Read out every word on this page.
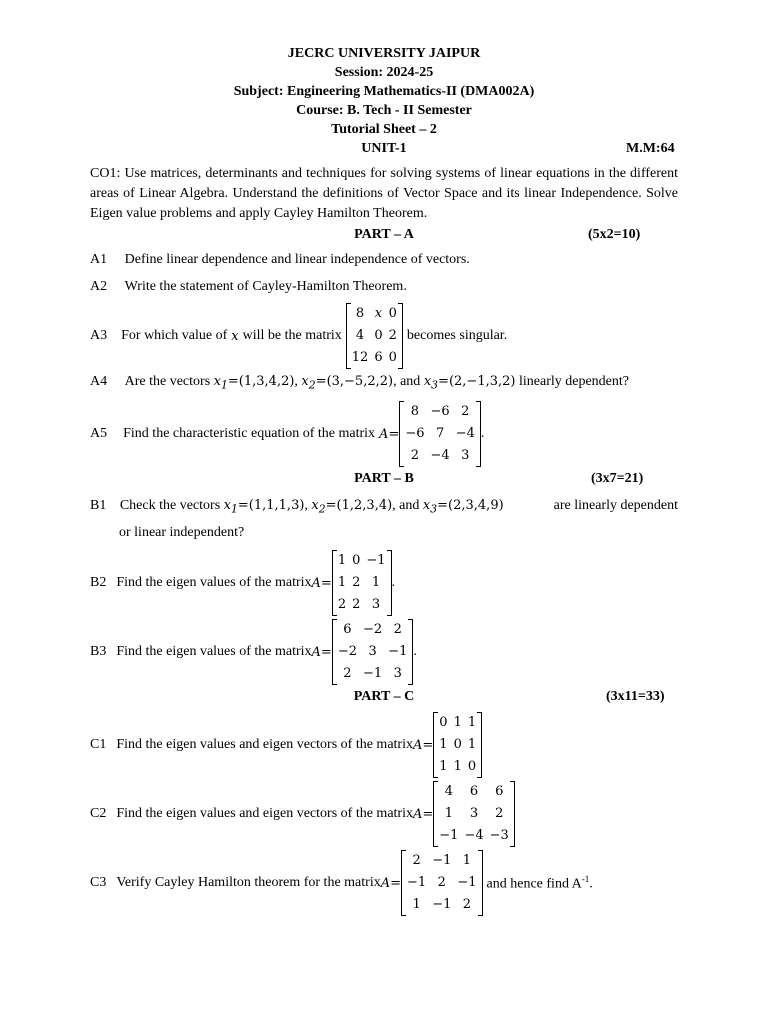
JECRC UNIVERSITY JAIPUR
Session: 2024-25
Subject: Engineering Mathematics-II (DMA002A)
Course: B. Tech - II Semester
Tutorial Sheet – 2
UNIT-1	M.M:64
CO1: Use matrices, determinants and techniques for solving systems of linear equations in the different areas of Linear Algebra. Understand the definitions of Vector Space and its linear Independence. Solve Eigen value problems and apply Cayley Hamilton Theorem.
PART – A	(5x2=10)
A1 Define linear dependence and linear independence of vectors.
A2 Write the statement of Cayley-Hamilton Theorem.
A3 For which value of x will be the matrix
8	x	0
4	0	2
12	6	0
becomes singular.
A4 Are the vectors $x_1=(1,3,4,2)$, $x_2=(3,-5,2,2)$, and $x_3=(2,-1,3,2)$ linearly dependent?
A5 Find the characteristic equation of the matrix A =
8	−6	2
−6	7	−4
2	−4	3
.
PART – B	(3x7=21)
B1 Check the vectors $x_1=(1,1,1,3)$, $x_2=(1,2,3,4)$, and $x_3=(2,3,4,9)$	are linearly dependent
or linear independent?
B2 Find the eigen values of the matrix A =
1	0	−1
1	2	1
2	2	3
.
B3 Find the eigen values of the matrix A =
6	−2	2
−2	3	−1
2	−1	3
.
PART – C	(3x11=33)
C1 Find the eigen values and eigen vectors of the matrix A =
0	1	1
1	0	1
1	1	0
C2 Find the eigen values and eigen vectors of the matrix A =
4	6	6
1	3	2
−1	−4	−3
C3 Verify Cayley Hamilton theorem for the matrix A =
2	−1	1
−1	2	−1
1	−1	2
and hence find $A^{-1}$.
